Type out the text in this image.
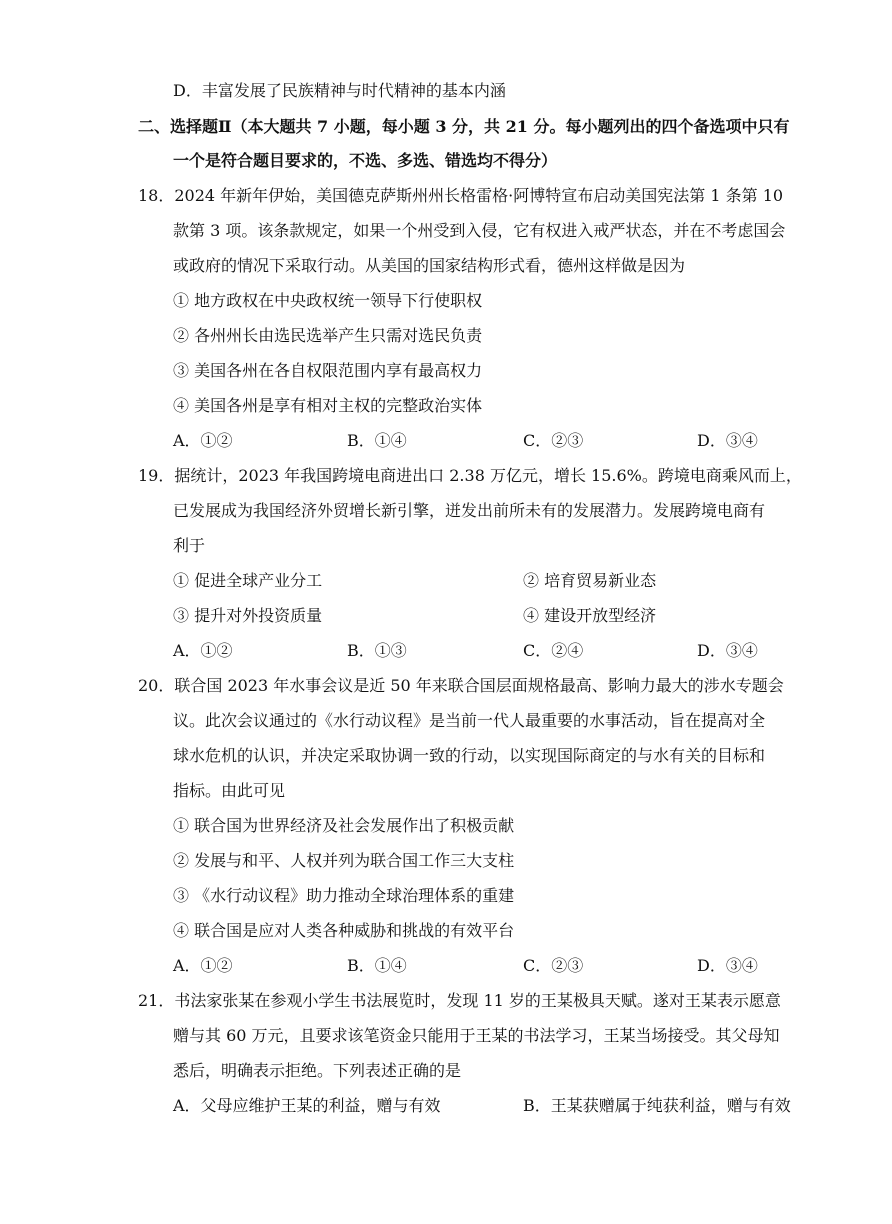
D．丰富发展了民族精神与时代精神的基本内涵
二、选择题Ⅱ（本大题共 7 小题，每小题 3 分，共 21 分。每小题列出的四个备选项中只有
一个是符合题目要求的，不选、多选、错选均不得分）
18．2024 年新年伊始，美国德克萨斯州州长格雷格·阿博特宣布启动美国宪法第 1 条第 10
款第 3 项。该条款规定，如果一个州受到入侵，它有权进入戒严状态，并在不考虑国会
或政府的情况下采取行动。从美国的国家结构形式看，德州这样做是因为
① 地方政权在中央政权统一领导下行使职权
② 各州州长由选民选举产生只需对选民负责
③ 美国各州在各自权限范围内享有最高权力
④ 美国各州是享有相对主权的完整政治实体
A．①②	B．①④	C．②③	D．③④
19．据统计，2023 年我国跨境电商进出口 2.38 万亿元，增长 15.6%。跨境电商乘风而上，
已发展成为我国经济外贸增长新引擎，迸发出前所未有的发展潜力。发展跨境电商有
利于
① 促进全球产业分工	② 培育贸易新业态
③ 提升对外投资质量	④ 建设开放型经济
A．①②	B．①③	C．②④	D．③④
20．联合国 2023 年水事会议是近 50 年来联合国层面规格最高、影响力最大的涉水专题会
议。此次会议通过的《水行动议程》是当前一代人最重要的水事活动，旨在提高对全
球水危机的认识，并决定采取协调一致的行动，以实现国际商定的与水有关的目标和
指标。由此可见
① 联合国为世界经济及社会发展作出了积极贡献
② 发展与和平、人权并列为联合国工作三大支柱
③ 《水行动议程》助力推动全球治理体系的重建
④ 联合国是应对人类各种威胁和挑战的有效平台
A．①②	B．①④	C．②③	D．③④
21．书法家张某在参观小学生书法展览时，发现 11 岁的王某极具天赋。遂对王某表示愿意
赠与其 60 万元，且要求该笔资金只能用于王某的书法学习，王某当场接受。其父母知
悉后，明确表示拒绝。下列表述正确的是
A．父母应维护王某的利益，赠与有效	B．王某获赠属于纯获利益，赠与有效
